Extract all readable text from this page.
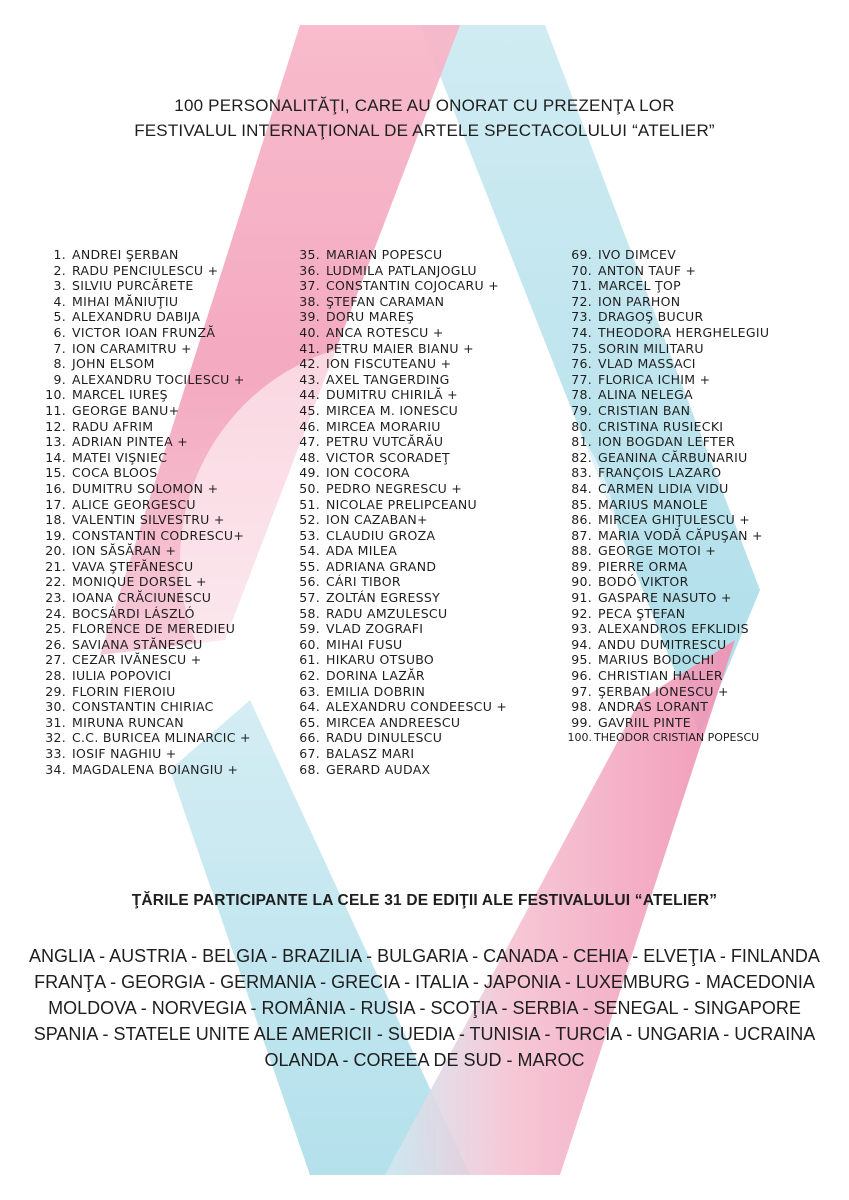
100 PERSONALITĂŢI, CARE AU ONORAT CU PREZENŢA LOR
FESTIVALUL INTERNAŢIONAL DE ARTELE SPECTACOLULUI “ATELIER”
1. ANDREI ŞERBAN
2. RADU PENCIULESCU +
3. SILVIU PURCĂRETE
4. MIHAI MĂNIUŢIU
5. ALEXANDRU DABIJA
6. VICTOR IOAN FRUNZĂ
7. ION CARAMITRU +
8. JOHN ELSOM
9. ALEXANDRU TOCILESCU +
10. MARCEL IUREŞ
11. GEORGE BANU+
12. RADU AFRIM
13. ADRIAN PINTEA +
14. MATEI VIŞNIEC
15. COCA BLOOS
16. DUMITRU SOLOMON +
17. ALICE GEORGESCU
18. VALENTIN SILVESTRU +
19. CONSTANTIN CODRESCU+
20. ION SĂSĂRAN +
21. VAVA ŞTEFĂNESCU
22. MONIQUE DORSEL +
23. IOANA CRĂCIUNESCU
24. BOCSÁRDI LÁSZLÓ
25. FLORENCE DE MEREDIEU
26. SAVIANA STĂNESCU
27. CEZAR IVĂNESCU +
28. IULIA POPOVICI
29. FLORIN FIEROIU
30. CONSTANTIN CHIRIAC
31. MIRUNA RUNCAN
32. C.C. BURICEA MLINARCIC +
33. IOSIF NAGHIU +
34. MAGDALENA BOIANGIU +
35. MARIAN POPESCU
36. LUDMILA PATLANJOGLU
37. CONSTANTIN COJOCARU +
38. ŞTEFAN CARAMAN
39. DORU MAREŞ
40. ANCA ROTESCU +
41. PETRU MAIER BIANU +
42. ION FISCUTEANU +
43. AXEL TANGERDING
44. DUMITRU CHIRILĂ +
45. MIRCEA M. IONESCU
46. MIRCEA MORARIU
47. PETRU VUTCĂRĂU
48. VICTOR SCORADEŢ
49. ION COCORA
50. PEDRO NEGRESCU +
51. NICOLAE PRELIPCEANU
52. ION CAZABAN+
53. CLAUDIU GROZA
54. ADA MILEA
55. ADRIANA GRAND
56. CÁRI TIBOR
57. ZOLTÁN EGRESSY
58. RADU AMZULESCU
59. VLAD ZOGRAFI
60. MIHAI FUSU
61. HIKARU OTSUBO
62. DORINA LAZĂR
63. EMILIA DOBRIN
64. ALEXANDRU CONDEESCU +
65. MIRCEA ANDREESCU
66. RADU DINULESCU
67. BALASZ MARI
68. GERARD AUDAX
69. IVO DIMCEV
70. ANTON TAUF +
71. MARCEL ŢOP
72. ION PARHON
73. DRAGOŞ BUCUR
74. THEODORA HERGHELEGIU
75. SORIN MILITARU
76. VLAD MASSACI
77. FLORICA ICHIM +
78. ALINA NELEGA
79. CRISTIAN BAN
80. CRISTINA RUSIECKI
81. ION BOGDAN LEFTER
82. GEANINA CĂRBUNARIU
83. FRANÇOIS LAZARO
84. CARMEN LIDIA VIDU
85. MARIUS MANOLE
86. MIRCEA GHIŢULESCU +
87. MARIA VODĂ CĂPUŞAN +
88. GEORGE MOTOI +
89. PIERRE ORMA
90. BODÓ VIKTOR
91. GASPARE NASUTO +
92. PECA ŞTEFAN
93. ALEXANDROS EFKLIDIS
94. ANDU DUMITRESCU
95. MARIUS BODOCHI
96. CHRISTIAN HALLER
97. ŞERBAN IONESCU +
98. ANDRAS LORANT
99. GAVRIIL PINTE
100. THEODOR CRISTIAN POPESCU
ŢĂRILE PARTICIPANTE LA CELE 31 DE EDIŢII ALE FESTIVALULUI “ATELIER”
ANGLIA - AUSTRIA - BELGIA - BRAZILIA - BULGARIA - CANADA - CEHIA - ELVEŢIA - FINLANDA
FRANŢA - GEORGIA - GERMANIA - GRECIA - ITALIA - JAPONIA - LUXEMBURG - MACEDONIA
MOLDOVA - NORVEGIA - ROMÂNIA - RUSIA - SCOŢIA - SERBIA - SENEGAL - SINGAPORE
SPANIA - STATELE UNITE ALE AMERICII - SUEDIA - TUNISIA - TURCIA - UNGARIA - UCRAINA
OLANDA - COREEA DE SUD - MAROC
